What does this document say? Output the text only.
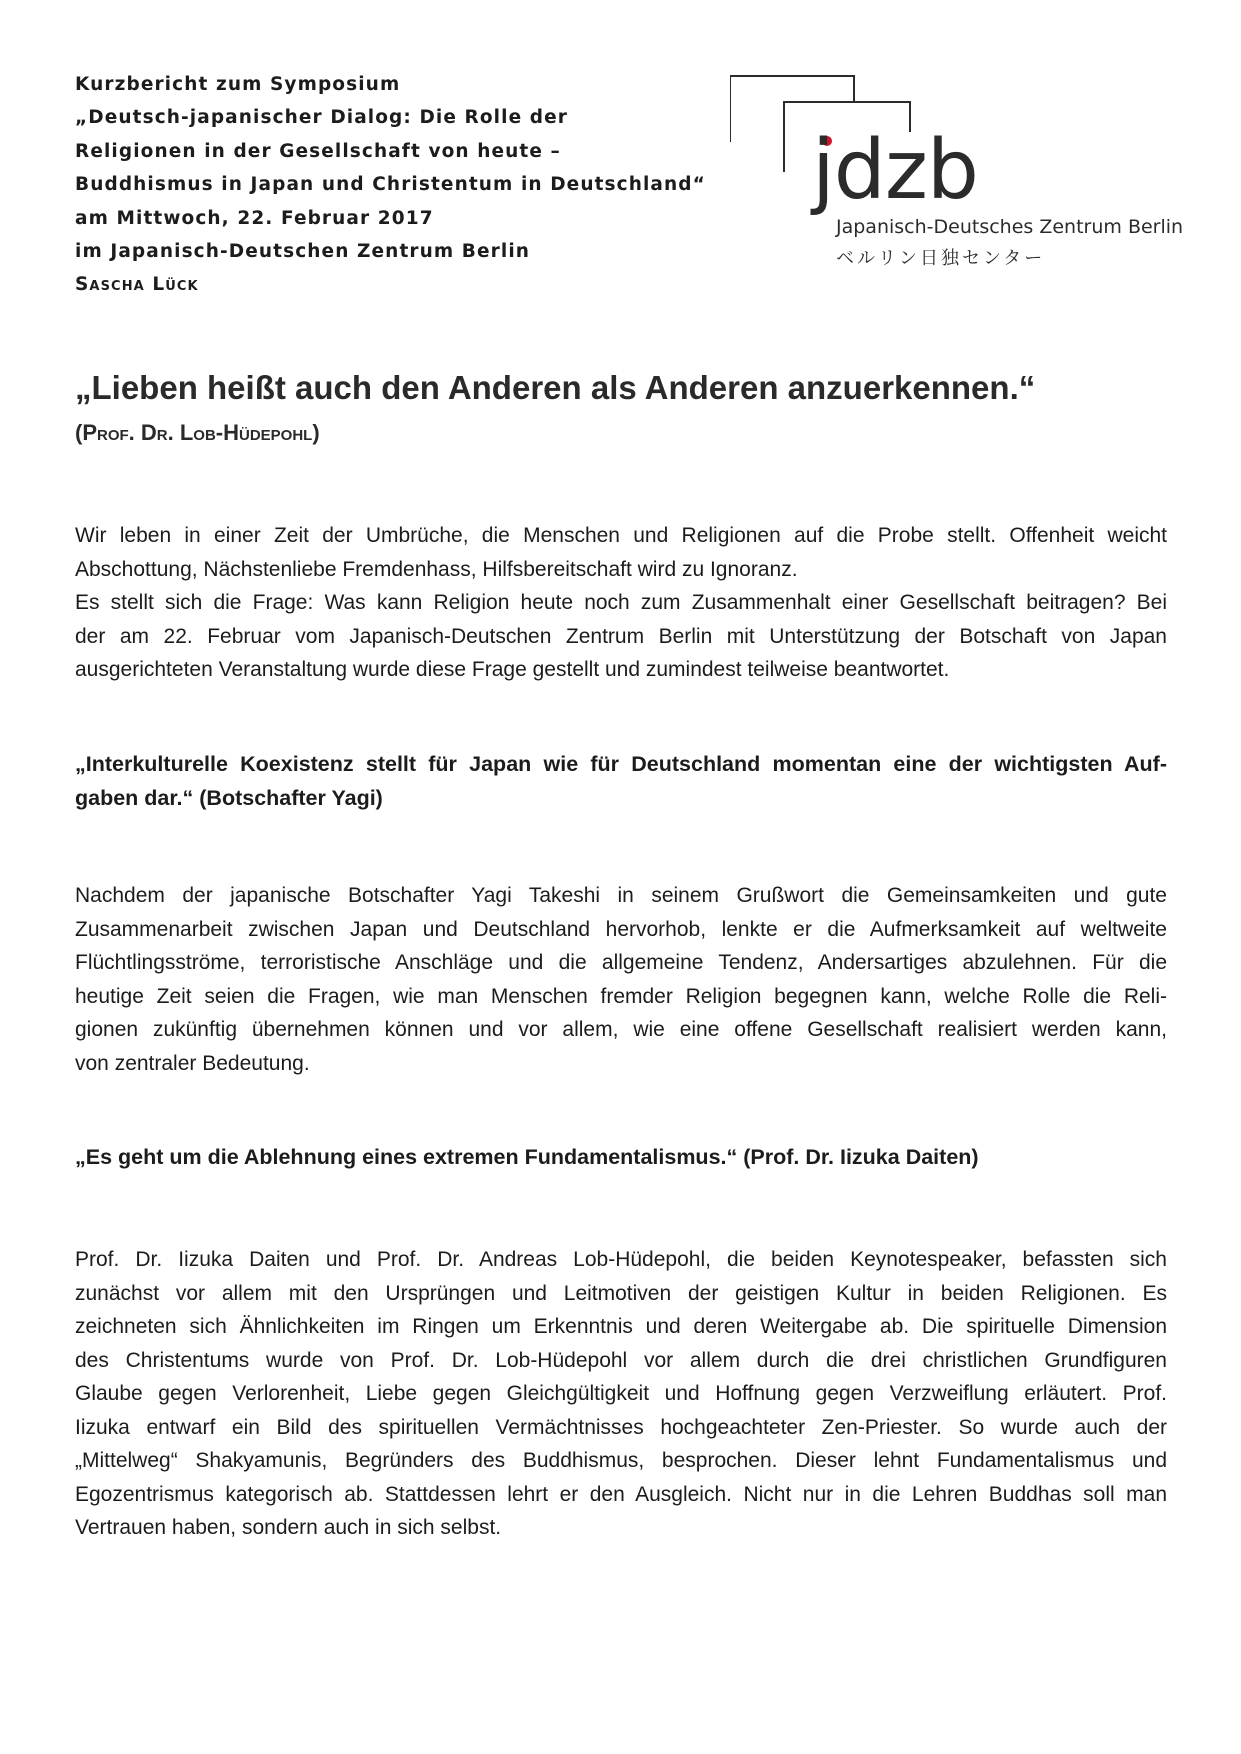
Kurzbericht zum Symposium
„Deutsch-japanischer Dialog: Die Rolle der
Religionen in der Gesellschaft von heute –
Buddhismus in Japan und Christentum in Deutschland“
am Mittwoch, 22. Februar 2017
im Japanisch-Deutschen Zentrum Berlin
Sascha Lück
jdzb
Japanisch-Deutsches Zentrum Berlin
ベルリン日独センター
„Lieben heißt auch den Anderen als Anderen anzuerkennen.“
(Prof. Dr. Lob-Hüdepohl)

Wir leben in einer Zeit der Umbrüche, die Menschen und Religionen auf die Probe stellt. Offenheit weicht
Abschottung, Nächstenliebe Fremdenhass, Hilfsbereitschaft wird zu Ignoranz.
Es stellt sich die Frage: Was kann Religion heute noch zum Zusammenhalt einer Gesellschaft beitragen? Bei
der am 22. Februar vom Japanisch-Deutschen Zentrum Berlin mit Unterstützung der Botschaft von Japan
ausgerichteten Veranstaltung wurde diese Frage gestellt und zumindest teilweise beantwortet.

„Interkulturelle Koexistenz stellt für Japan wie für Deutschland momentan eine der wichtigsten Auf-
gaben dar.“ (Botschafter Yagi)

Nachdem der japanische Botschafter Yagi Takeshi in seinem Grußwort die Gemeinsamkeiten und gute
Zusammenarbeit zwischen Japan und Deutschland hervorhob, lenkte er die Aufmerksamkeit auf weltweite
Flüchtlingsströme, terroristische Anschläge und die allgemeine Tendenz, Andersartiges abzulehnen. Für die
heutige Zeit seien die Fragen, wie man Menschen fremder Religion begegnen kann, welche Rolle die Reli-
gionen zukünftig übernehmen können und vor allem, wie eine offene Gesellschaft realisiert werden kann,
von zentraler Bedeutung.

„Es geht um die Ablehnung eines extremen Fundamentalismus.“ (Prof. Dr. Iizuka Daiten)

Prof. Dr. Iizuka Daiten und Prof. Dr. Andreas Lob-Hüdepohl, die beiden Keynotespeaker, befassten sich
zunächst vor allem mit den Ursprüngen und Leitmotiven der geistigen Kultur in beiden Religionen. Es
zeichneten sich Ähnlichkeiten im Ringen um Erkenntnis und deren Weitergabe ab. Die spirituelle Dimension
des Christentums wurde von Prof. Dr. Lob-Hüdepohl vor allem durch die drei christlichen Grundfiguren
Glaube gegen Verlorenheit, Liebe gegen Gleichgültigkeit und Hoffnung gegen Verzweiflung erläutert. Prof.
Iizuka entwarf ein Bild des spirituellen Vermächtnisses hochgeachteter Zen-Priester. So wurde auch der
„Mittelweg“ Shakyamunis, Begründers des Buddhismus, besprochen. Dieser lehnt Fundamentalismus und
Egozentrismus kategorisch ab. Stattdessen lehrt er den Ausgleich. Nicht nur in die Lehren Buddhas soll man
Vertrauen haben, sondern auch in sich selbst.
